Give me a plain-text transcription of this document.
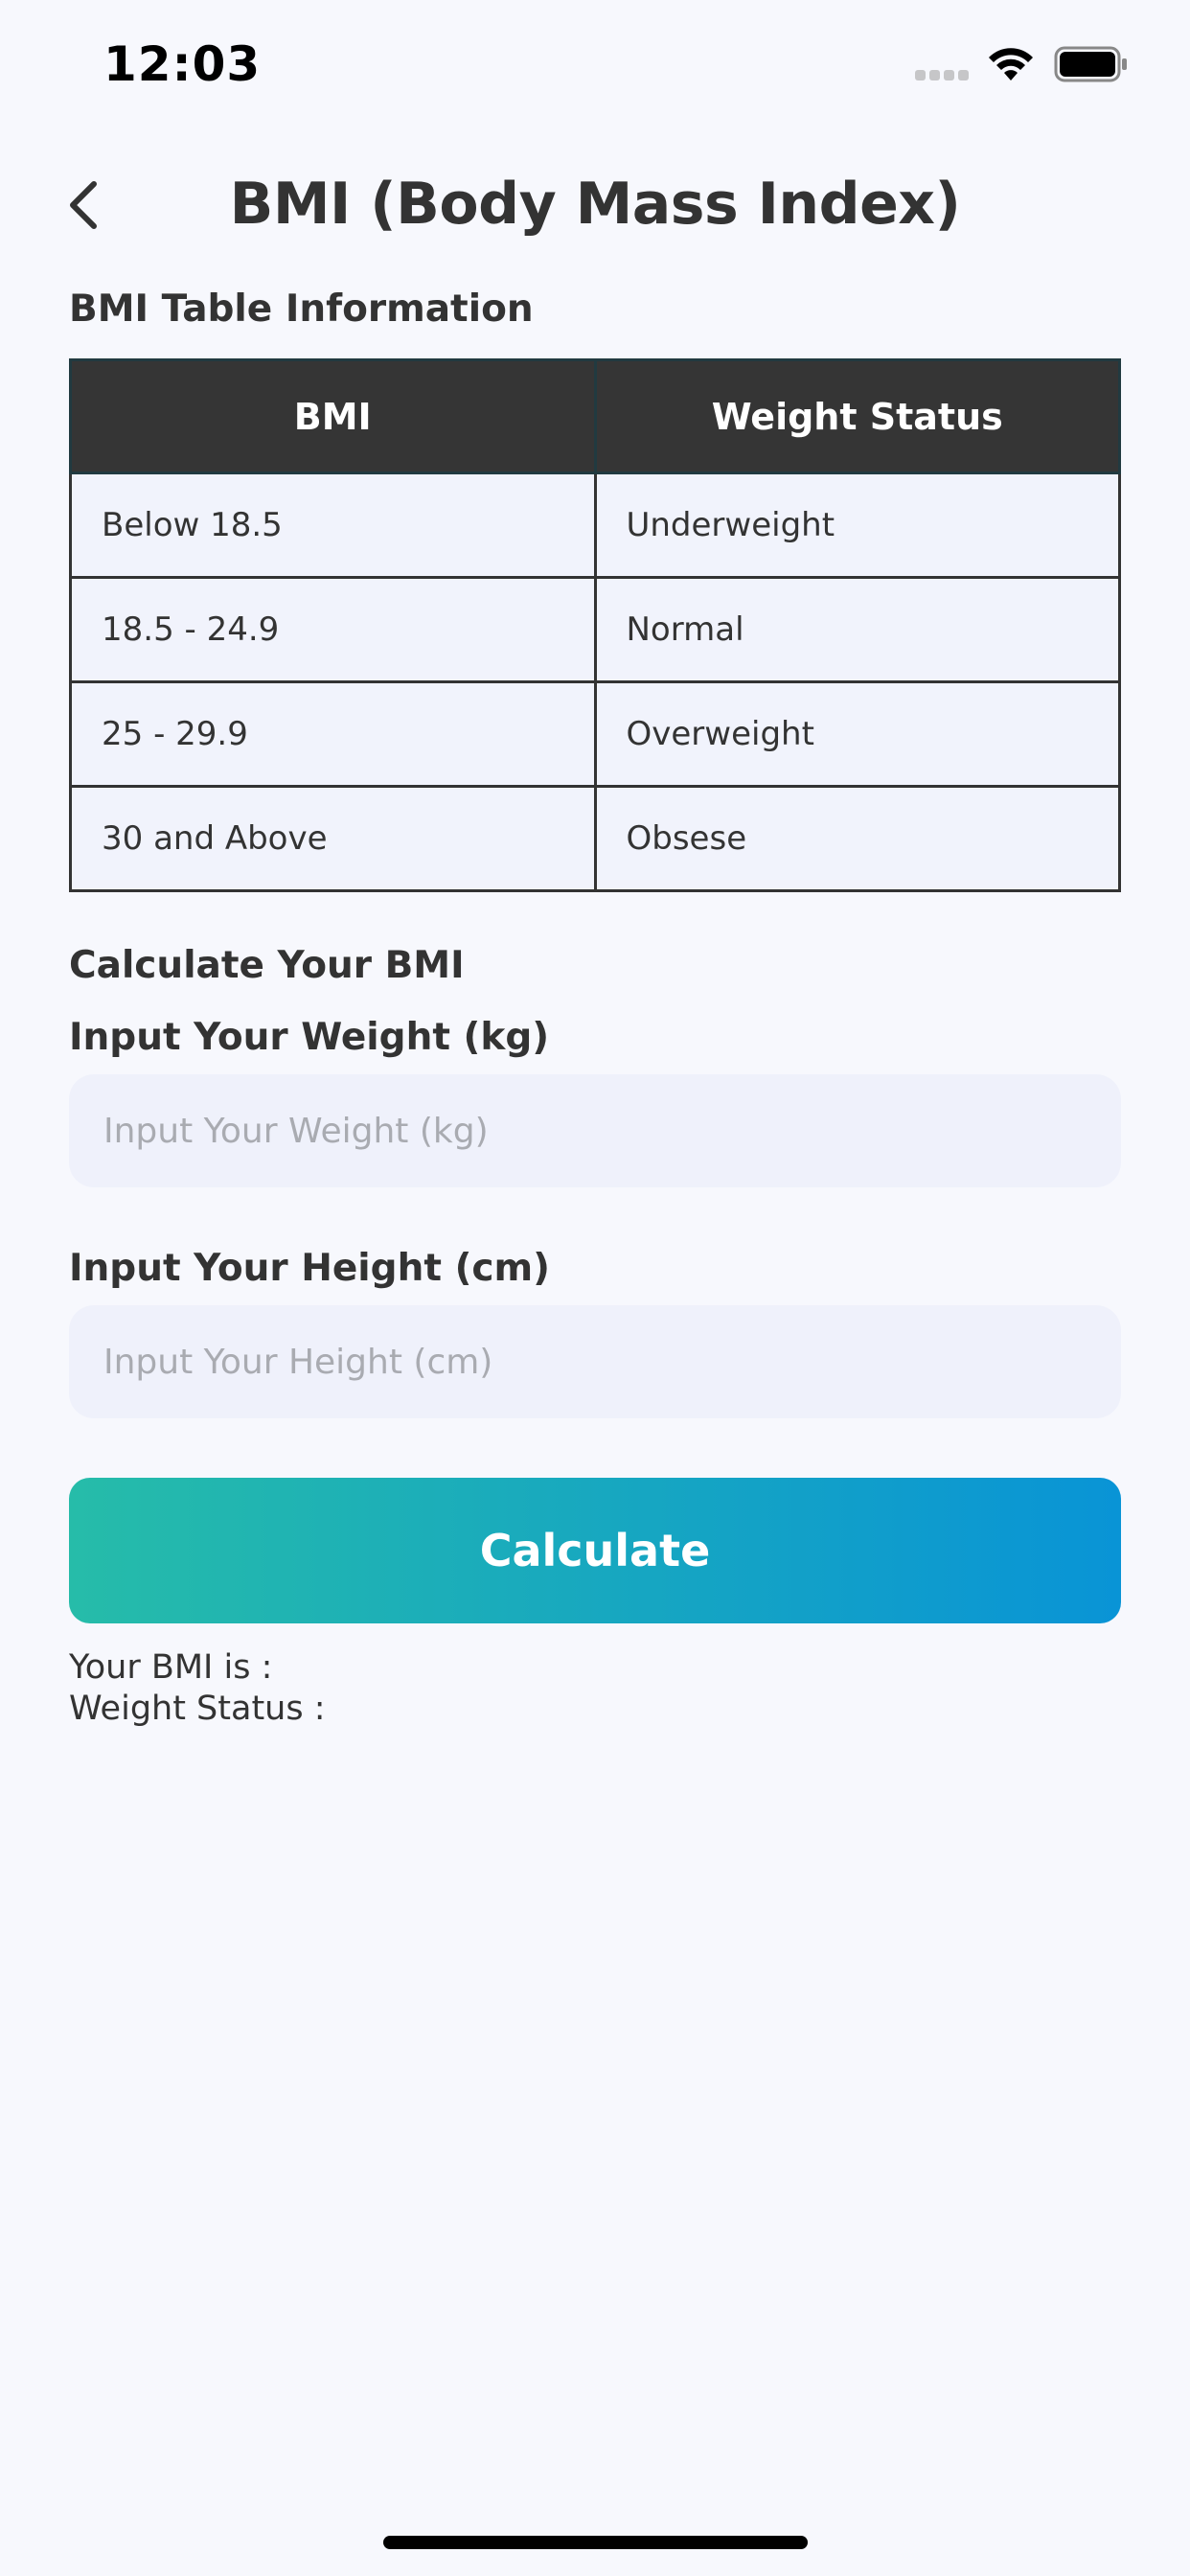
12:03
BMI (Body Mass Index)
BMI Table Information
BMI	Weight Status
Below 18.5	Underweight
18.5 - 24.9	Normal
25 - 29.9	Overweight
30 and Above	Obsese
Calculate Your BMI
Input Your Weight (kg)
Input Your Weight (kg)
Input Your Height (cm)
Input Your Height (cm)
Calculate
Your BMI is :
Weight Status :
